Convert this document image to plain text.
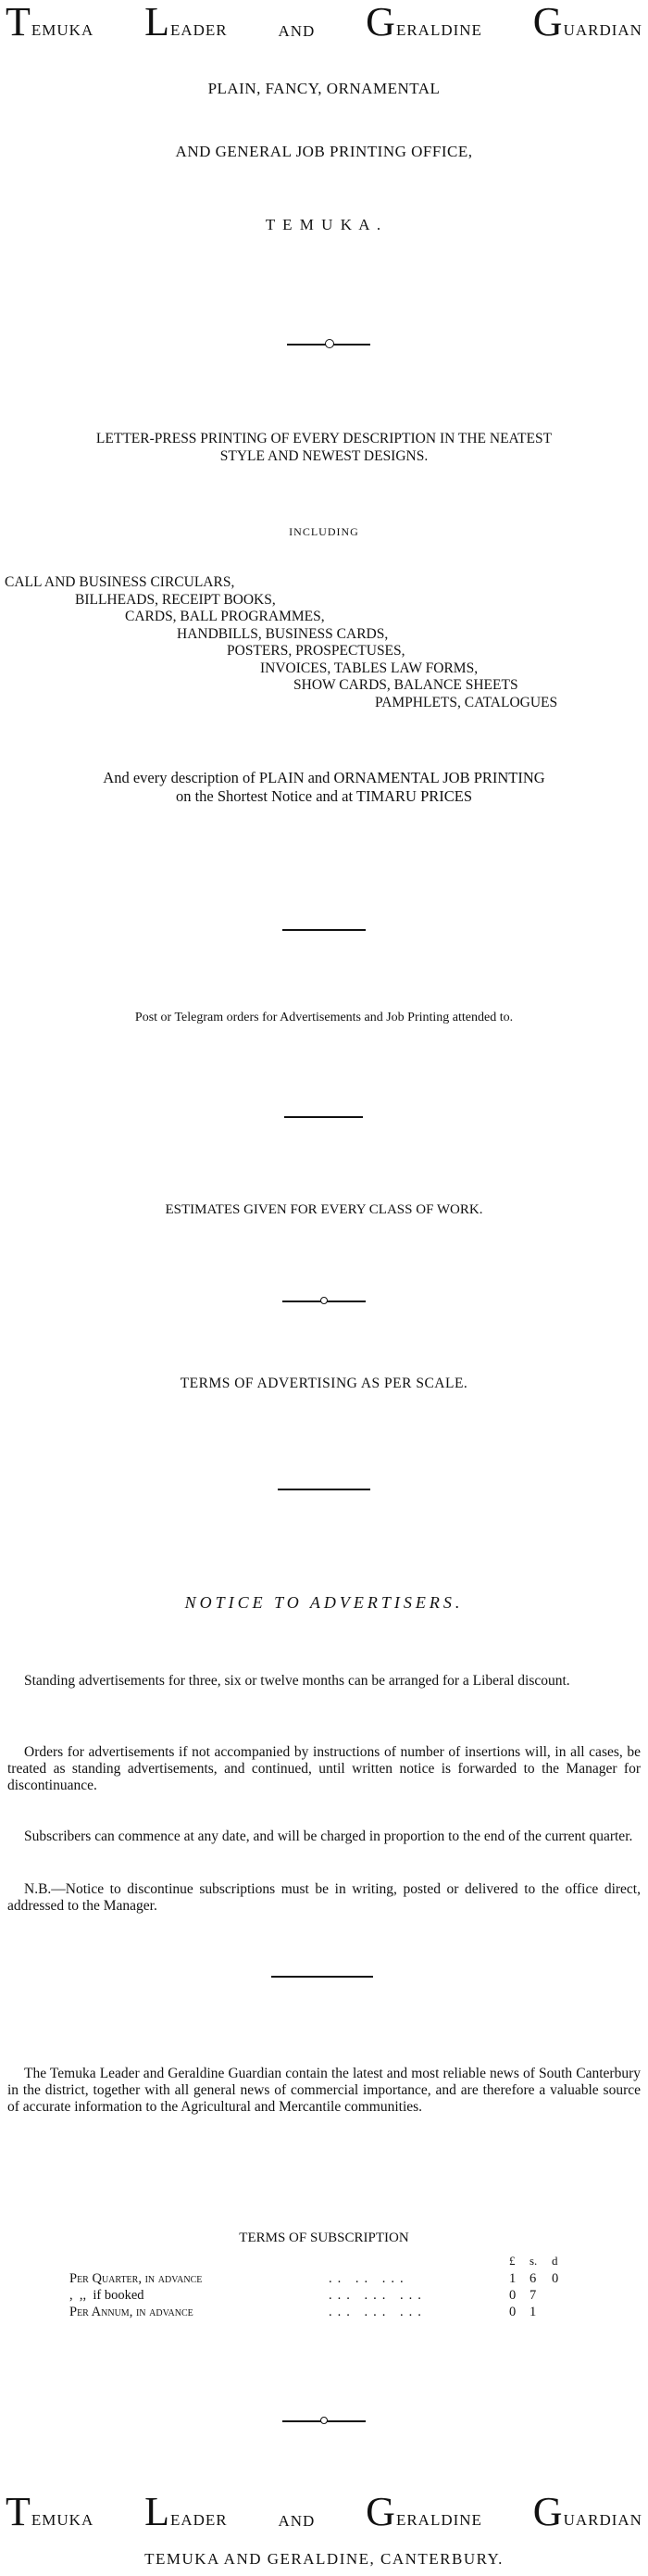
TEMUKA LEADER	AND GERALDINE GUARDIAN
PLAIN, FANCY, ORNAMENTAL
AND GENERAL JOB PRINTING OFFICE,
T E M U K A .
LETTER-PRESS PRINTING OF EVERY DESCRIPTION IN THE NEATEST
STYLE AND NEWEST DESIGNS.
INCLUDING
CALL AND BUSINESS CIRCULARS,
BILLHEADS, RECEIPT BOOKS,
CARDS, BALL PROGRAMMES,
HANDBILLS, BUSINESS CARDS,
POSTERS, PROSPECTUSES,
INVOICES, TABLES LAW FORMS,
SHOW CARDS, BALANCE SHEETS
PAMPHLETS, CATALOGUES
And every description of PLAIN and ORNAMENTAL JOB PRINTING
on the Shortest Notice and at TIMARU PRICES
Post or Telegram orders for Advertisements and Job Printing attended to.
ESTIMATES GIVEN FOR EVERY CLASS OF WORK.
TERMS OF ADVERTISING AS PER SCALE.
NOTICE TO ADVERTISERS.
Standing advertisements for three, six or twelve months can be arranged for a Liberal discount.
Orders for advertisements if not accompanied by instructions of number of insertions will, in all cases, be treated as standing advertisements, and continued, until written notice is forwarded to the Manager for discontinuance.
Subscribers can commence at any date, and will be charged in proportion to the end of the current quarter.
N.B.—Notice to discontinue subscriptions must be in writing, posted or delivered to the office direct, addressed to the Manager.
The Temuka Leader and Geraldine Guardian contain the latest and most reliable news of South Canterbury in the district, together with all general news of commercial importance, and are therefore a valuable source of accurate information to the Agricultural and Mercantile communities.
TERMS OF SUBSCRIPTION
£ s. d
Per Quarter, in advance	.. .. ...	1 6 0
,  ,,  if booked	... ... ...	0 7
Per Annum, in advance	... ... ...	0 1
TEMUKA LEADER	AND GERALDINE GUARDIAN
TEMUKA AND GERALDINE, CANTERBURY.
